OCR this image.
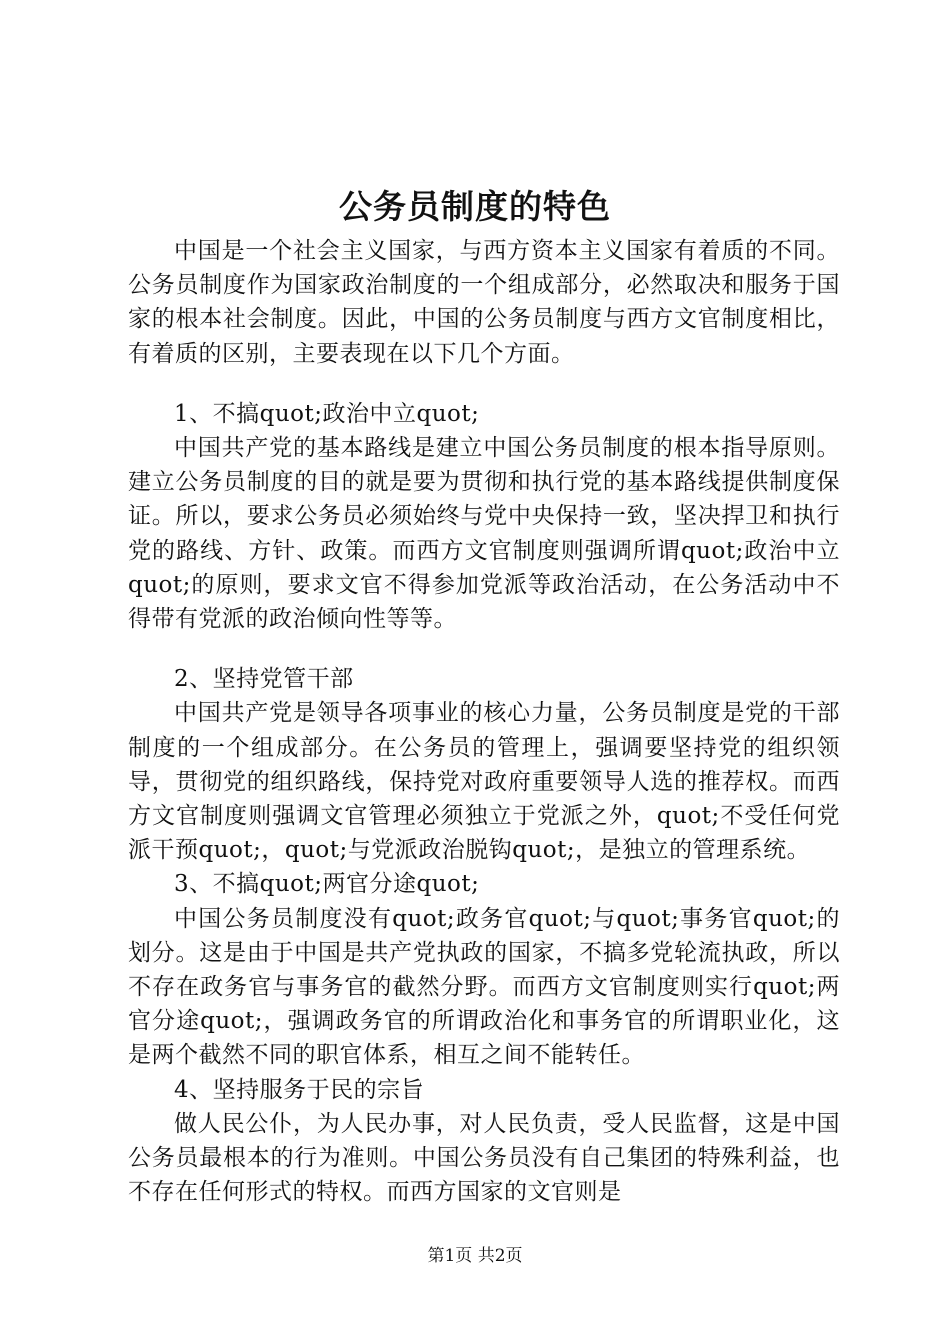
公务员制度的特色

中国是一个社会主义国家，与西方资本主义国家有着质的不同。公务员制度作为国家政治制度的一个组成部分，必然取决和服务于国家的根本社会制度。因此，中国的公务员制度与西方文官制度相比，有着质的区别，主要表现在以下几个方面。

1、不搞quot;政治中立quot;

中国共产党的基本路线是建立中国公务员制度的根本指导原则。建立公务员制度的目的就是要为贯彻和执行党的基本路线提供制度保证。所以，要求公务员必须始终与党中央保持一致，坚决捍卫和执行党的路线、方针、政策。而西方文官制度则强调所谓quot;政治中立quot;的原则，要求文官不得参加党派等政治活动，在公务活动中不得带有党派的政治倾向性等等。

2、坚持党管干部

中国共产党是领导各项事业的核心力量，公务员制度是党的干部制度的一个组成部分。在公务员的管理上，强调要坚持党的组织领导，贯彻党的组织路线，保持党对政府重要领导人选的推荐权。而西方文官制度则强调文官管理必须独立于党派之外，quot;不受任何党派干预quot;，quot;与党派政治脱钩quot;，是独立的管理系统。

3、不搞quot;两官分途quot;

中国公务员制度没有quot;政务官quot;与quot;事务官quot;的划分。这是由于中国是共产党执政的国家，不搞多党轮流执政，所以不存在政务官与事务官的截然分野。而西方文官制度则实行quot;两官分途quot;，强调政务官的所谓政治化和事务官的所谓职业化，这是两个截然不同的职官体系，相互之间不能转任。

4、坚持服务于民的宗旨

做人民公仆，为人民办事，对人民负责，受人民监督，这是中国公务员最根本的行为准则。中国公务员没有自己集团的特殊利益，也不存在任何形式的特权。而西方国家的文官则是

第1页 共2页
